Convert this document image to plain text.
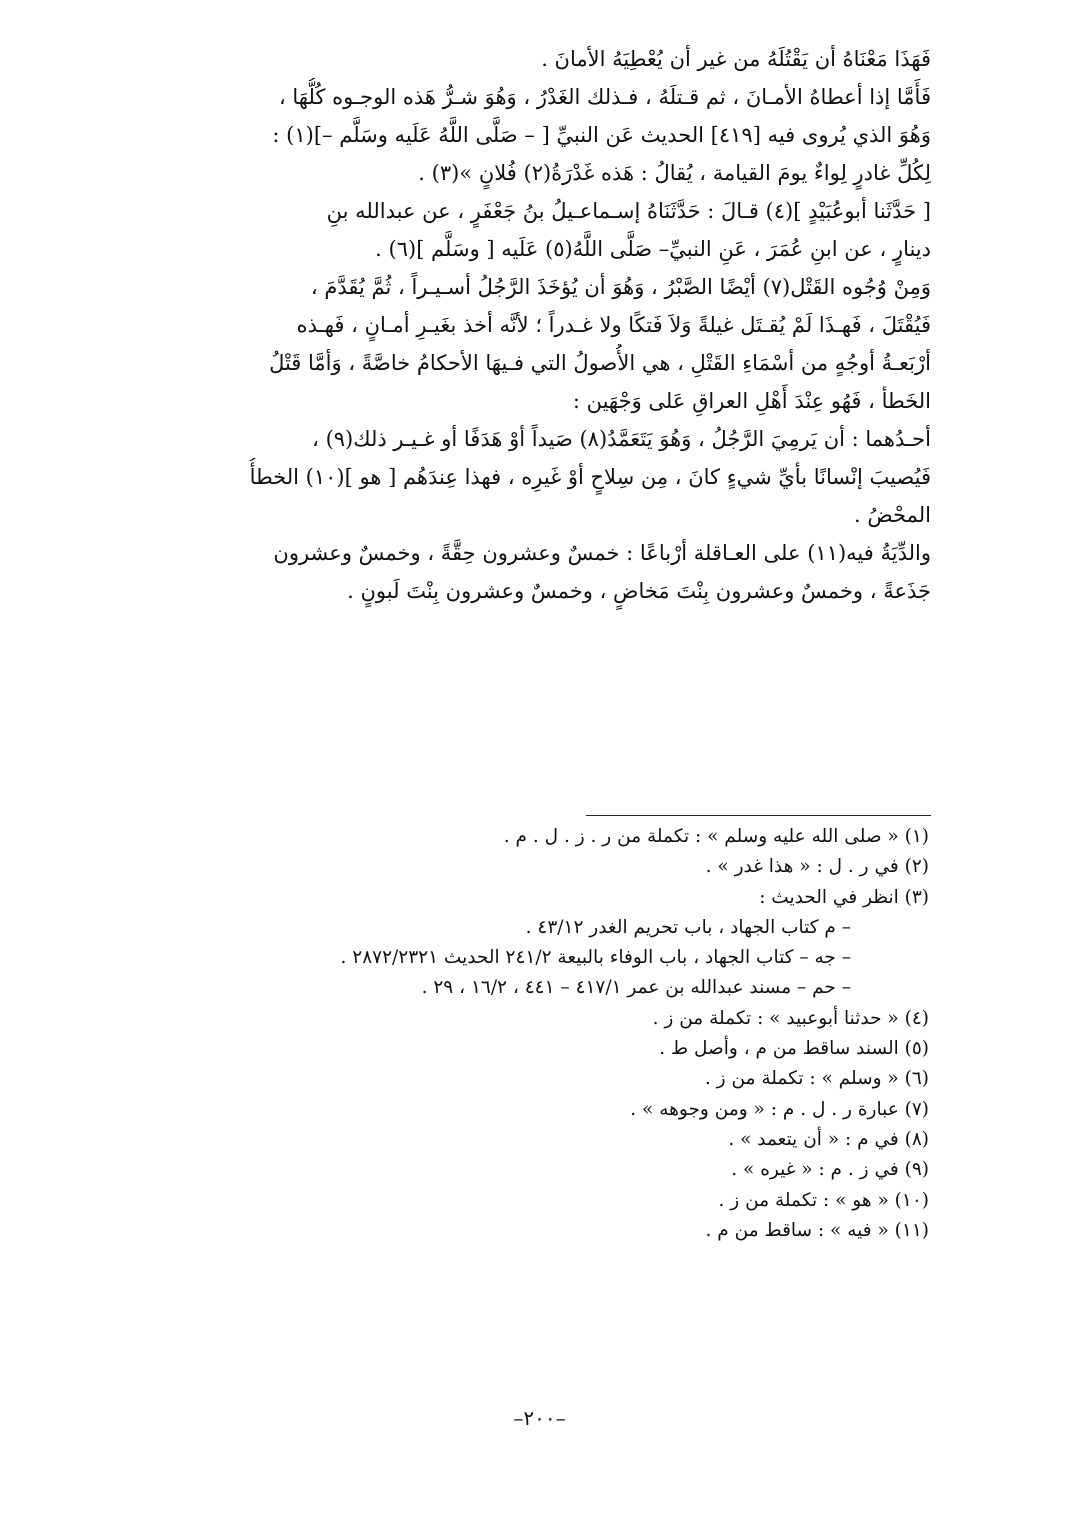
فَهَذَا مَعْنَاهُ أن يَقْتُلَهُ من غير أن يُعْطِيَهُ الأمانَ .
فَأَمَّا إذا أعطاهُ الأمـانَ ، ثم قـتلَهُ ، فـذلك الغَدْرُ ، وَهُوَ شـرُّ هَذه الوجـوه كُلُّهَا ،
وَهُوَ الذي يُروى فيه [٤١٩] الحديث عَن النبيِّ [ – صَلَّى اللَّهُ عَلَيه وسَلَّم –](١) :
لِكُلِّ غادرٍ لِواءٌ يومَ القيامة ، يُقالُ : هَذه غَدْرَةُ(٢) فُلانٍ »(٣) .
[ حَدَّثَنا أبوعُبَيْدٍ ](٤) قـالَ : حَدَّثَنَاهُ إسـماعـيلُ بنُ جَعْفَرٍ ، عن عبدالله بنِ
دينارٍ ، عن ابنِ عُمَرَ ، عَنِ النبيِّ– صَلَّى اللَّهُ(٥) عَلَيه [ وسَلَّم ](٦) .
وَمِنْ وُجُوه القَتْل(٧) أيْضًا الصَّبْرُ ، وَهُوَ أن يُؤخَذَ الرَّجُلُ أسـيـراً ، ثُمَّ يُقَدَّمَ ،
فَيُقْتَلَ ، فَهـذَا لَمْ يُقـتَل غيلةً وَلاَ فَتكًا ولا غـدراً ؛ لأنَّه أخذ بغَيـرِ أمـانٍ ، فَهـذه
أرْبَعـةُ أوجُهٍ من أسْمَاءِ القَتْلِ ، هي الأُصولُ التي فـيهَا الأحكامُ خاصَّةً ، وَأمَّا قَتْلُ
الخَطأ ، فَهُو عِنْدَ أَهْلِ العراقِ عَلى وَجْهَين :
أحـدُهما : أن يَرمِيَ الرَّجُلُ ، وَهُوَ يَتَعَمَّدُ(٨) صَيداً أوْ هَدَفًا أو غـيـر ذلك(٩) ،
فَيُصيبَ إنْسانًا بأيِّ شيءٍ كانَ ، مِن سِلاحٍ أوْ غَيرِه ، فهذا عِندَهُم [ هو ](١٠) الخطأُ
المحْضُ .
والدِّيَةُ فيه(١١) على العـاقلة أرْباعًا : خمسٌ وعشرون حِقَّةً ، وخمسٌ وعشرون
جَذَعةً ، وخمسٌ وعشرون بِنْتَ مَخاضٍ ، وخمسٌ وعشرون بِنْتَ لَبونٍ .
(١) « صلى الله عليه وسلم » : تكملة من ر . ز . ل . م .
(٢) في ر . ل : « هذا غدر » .
(٣) انظر في الحديث :
– م كتاب الجهاد ، باب تحريم الغدر ٤٣/١٢ .
– جه – كتاب الجهاد ، باب الوفاء بالبيعة ٢٤١/٢ الحديث ٢٨٧٢/٢٣٢١ .
– حم – مسند عبدالله بن عمر ٤١٧/١ – ٤٤١ ، ١٦/٢ ، ٢٩ .
(٤) « حدثنا أبوعبيد » : تكملة من ز .
(٥) السند ساقط من م ، وأصل ط .
(٦) « وسلم » : تكملة من ز .
(٧) عبارة ر . ل . م : « ومن وجوهه » .
(٨) في م : « أن يتعمد » .
(٩) في ز . م : « غيره » .
(١٠) « هو » : تكملة من ز .
(١١) « فيه » : ساقط من م .
–٢٠٠–
